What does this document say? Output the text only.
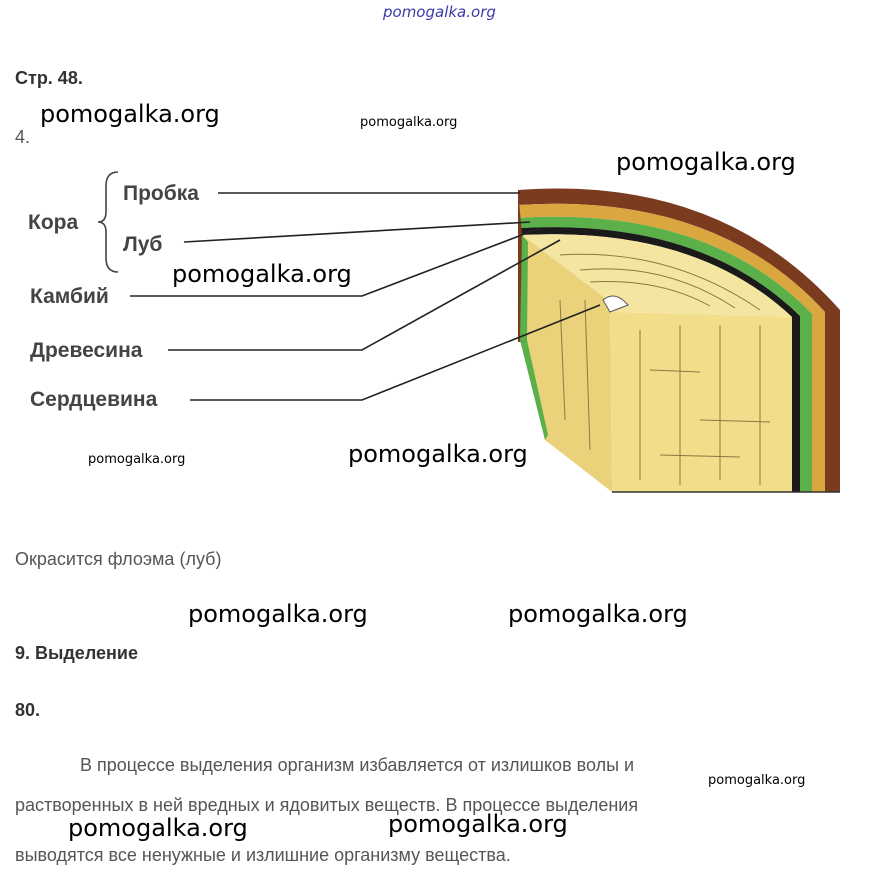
pomogalka.org
Стр. 48.
4.
pomogalka.org	pomogalka.org
Кора
Пробка
Луб
Камбий
Древесина
Сердцевина
pomogalka.org
pomogalka.org
pomogalka.org	pomogalka.org
Окрасится флоэма (луб)
pomogalka.org	pomogalka.org
9. Выделение
80.
В процессе выделения организм избавляется от излишков волы и
pomogalka.org
растворенных в ней вредных и ядовитых веществ. В процессе выделения
pomogalka.org	pomogalka.org
выводятся все ненужные и излишние организму вещества.
